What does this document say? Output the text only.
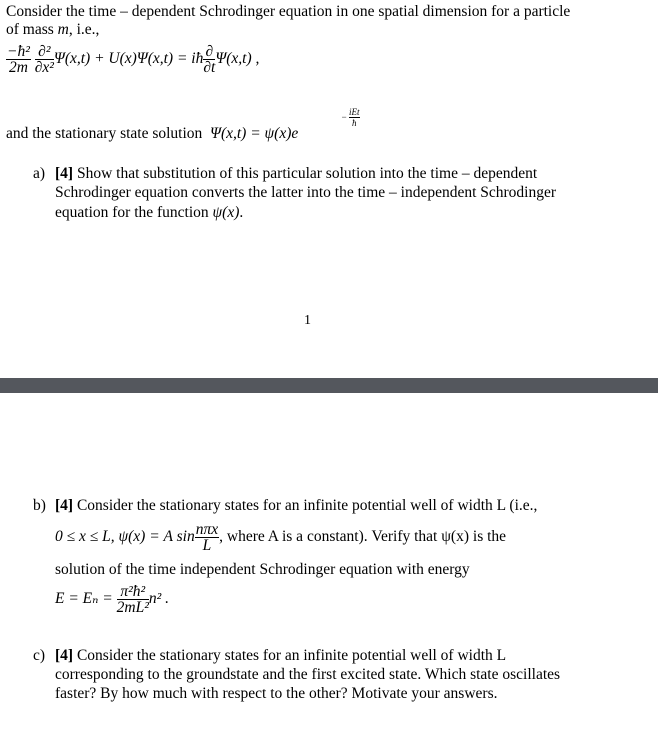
Consider the time – dependent Schrodinger equation in one spatial dimension for a particle
of mass m, i.e.,
$\frac{\text{−ħ²}}{2m}$
$\frac{\text{∂²}}{\text{∂x²}} \Psi(x,t) + U(x)\Psi(x,t)$ = iħ $\frac{\partial}{\partial t} \Psi(x,t)$ ,
and the stationary state solution Ψ(x,t) = ψ(x)e
− iEt
ħ
a) [4] Show that substitution of this particular solution into the time – dependent
Schrodinger equation converts the latter into the time – independent Schrodinger
equation for the function ψ(x).
1
b) [4] Consider the stationary states for an infinite potential well of width L (i.e.,
0 ≤ x ≤ L, ψ(x) = A $\sin \frac{\text{nπx}}{L}$ , where A is a constant). Verify that ψ(x) is the
solution of the time independent Schrodinger equation with energy
$E = E_n = \frac{\text{π²ħ²}}{\text{2mL²}} n^2$ .
c) [4] Consider the stationary states for an infinite potential well of width L
corresponding to the groundstate and the first excited state. Which state oscillates
faster? By how much with respect to the other? Motivate your answers.
